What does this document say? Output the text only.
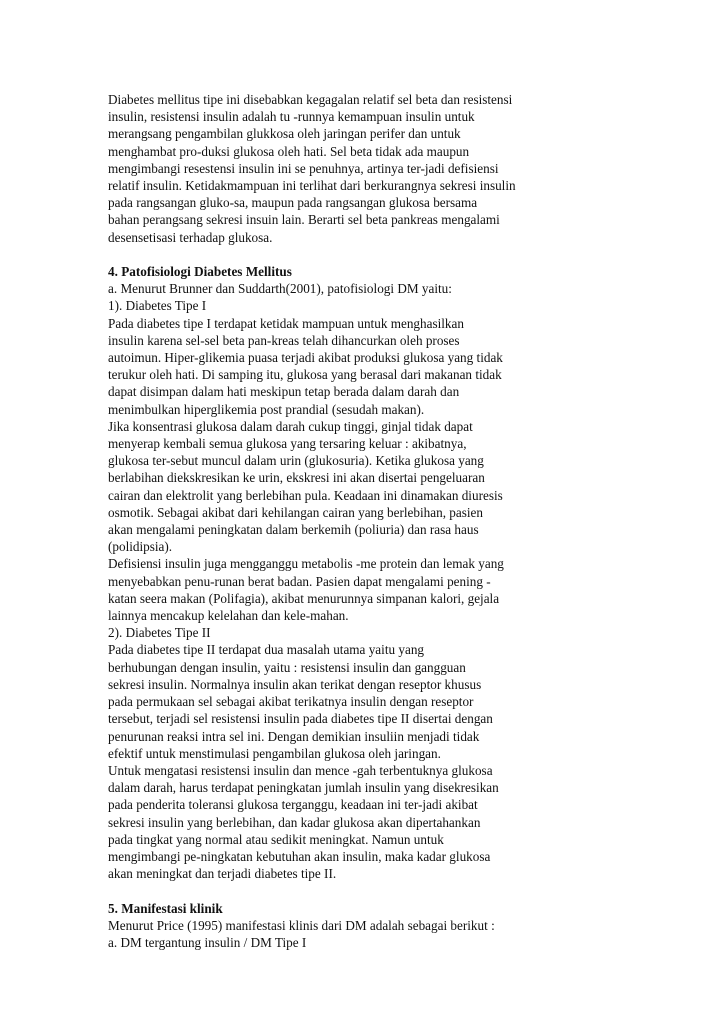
Diabetes mellitus tipe ini disebabkan kegagalan relatif sel beta dan resistensi
insulin, resistensi insulin adalah tu -runnya kemampuan insulin untuk
merangsang pengambilan glukkosa oleh jaringan perifer dan untuk
menghambat pro-duksi glukosa oleh hati. Sel beta tidak ada maupun
mengimbangi resestensi insulin ini se penuhnya, artinya ter-jadi defisiensi
relatif insulin. Ketidakmampuan ini terlihat dari berkurangnya sekresi insulin
pada rangsangan gluko-sa, maupun pada rangsangan glukosa bersama
bahan perangsang sekresi insuin lain. Berarti sel beta pankreas mengalami
desensetisasi terhadap glukosa.
4. Patofisiologi Diabetes Mellitus
a. Menurut Brunner dan Suddarth(2001), patofisiologi DM yaitu:
1). Diabetes Tipe I
Pada diabetes tipe I terdapat ketidak mampuan untuk menghasilkan
insulin karena sel-sel beta pan-kreas telah dihancurkan oleh proses
autoimun. Hiper-glikemia puasa terjadi akibat produksi glukosa yang tidak
terukur oleh hati. Di samping itu, glukosa yang berasal dari makanan tidak
dapat disimpan dalam hati meskipun tetap berada dalam darah dan
menimbulkan hiperglikemia post prandial (sesudah makan).
Jika konsentrasi glukosa dalam darah cukup tinggi, ginjal tidak dapat
menyerap kembali semua glukosa yang tersaring keluar : akibatnya,
glukosa ter-sebut muncul dalam urin (glukosuria). Ketika glukosa yang
berlabihan diekskresikan ke urin, ekskresi ini akan disertai pengeluaran
cairan dan elektrolit yang berlebihan pula. Keadaan ini dinamakan diuresis
osmotik. Sebagai akibat dari kehilangan cairan yang berlebihan, pasien
akan mengalami peningkatan dalam berkemih (poliuria) dan rasa haus
(polidipsia).
Defisiensi insulin juga mengganggu metabolis -me protein dan lemak yang
menyebabkan penu-runan berat badan. Pasien dapat mengalami pening -
katan seera makan (Polifagia), akibat menurunnya simpanan kalori, gejala
lainnya mencakup kelelahan dan kele-mahan.
2). Diabetes Tipe II
Pada diabetes tipe II terdapat dua masalah utama yaitu yang
berhubungan dengan insulin, yaitu : resistensi insulin dan gangguan
sekresi insulin. Normalnya insulin akan terikat dengan reseptor khusus
pada permukaan sel sebagai akibat terikatnya insulin dengan reseptor
tersebut, terjadi sel resistensi insulin pada diabetes tipe II disertai dengan
penurunan reaksi intra sel ini. Dengan demikian insuliin menjadi tidak
efektif untuk menstimulasi pengambilan glukosa oleh jaringan.
Untuk mengatasi resistensi insulin dan mence -gah terbentuknya glukosa
dalam darah, harus terdapat peningkatan jumlah insulin yang disekresikan
pada penderita toleransi glukosa terganggu, keadaan ini ter-jadi akibat
sekresi insulin yang berlebihan, dan kadar glukosa akan dipertahankan
pada tingkat yang normal atau sedikit meningkat. Namun untuk
mengimbangi pe-ningkatan kebutuhan akan insulin, maka kadar glukosa
akan meningkat dan terjadi diabetes tipe II.
5. Manifestasi klinik
Menurut Price (1995) manifestasi klinis dari DM adalah sebagai berikut :
a. DM tergantung insulin / DM Tipe I
